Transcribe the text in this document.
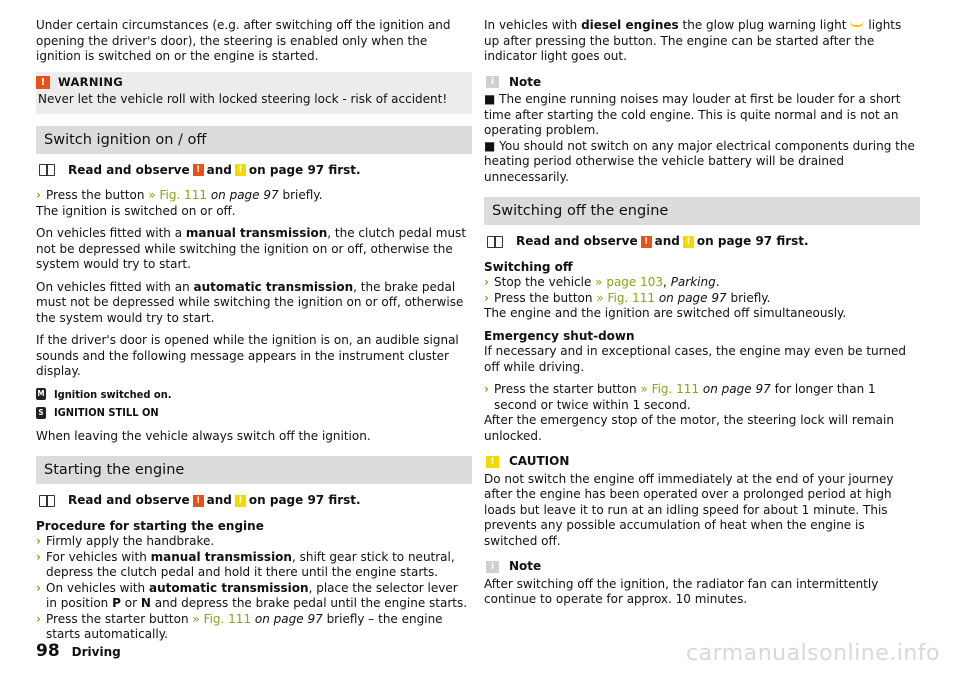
Under certain circumstances (e.g. after switching off the ignition and opening the driver's door), the steering is enabled only when the ignition is switched on or the engine is started.

!	WARNING
Never let the vehicle roll with locked steering lock - risk of accident!
Switch ignition on / off
Read and observe ! and ! on page 97 first.

› Press the button » Fig. 111 on page 97 briefly.

The ignition is switched on or off.

On vehicles fitted with a manual transmission, the clutch pedal must not be depressed while switching the ignition on or off, otherwise the system would try to start.

On vehicles fitted with an automatic transmission, the brake pedal must not be depressed while switching the ignition on or off, otherwise the system would try to start.

If the driver's door is opened while the ignition is on, an audible signal sounds and the following message appears in the instrument cluster display.

M Ignition switched on.
S IGNITION STILL ON

When leaving the vehicle always switch off the ignition.

Starting the engine
Read and observe ! and ! on page 97 first.
Procedure for starting the engine
› Firmly apply the handbrake.
› For vehicles with manual transmission, shift gear stick to neutral, depress the clutch pedal and hold it there until the engine starts.
› On vehicles with automatic transmission, place the selector lever in position P or N and depress the brake pedal until the engine starts.
› Press the starter button » Fig. 111 on page 97 briefly – the engine starts automatically.

In vehicles with diesel engines the glow plug warning light lights up after pressing the button. The engine can be started after the indicator light goes out.

i	Note
■ The engine running noises may louder at first be louder for a short time after starting the cold engine. This is quite normal and is not an operating problem.
■ You should not switch on any major electrical components during the heating period otherwise the vehicle battery will be drained unnecessarily.
Switching off the engine
Read and observe ! and ! on page 97 first.
Switching off
› Stop the vehicle » page 103, Parking.

› Press the button » Fig. 111 on page 97 briefly.

The engine and the ignition are switched off simultaneously.

Emergency shut-down

If necessary and in exceptional cases, the engine may even be turned off while driving.

› Press the starter button » Fig. 111 on page 97 for longer than 1 second or twice within 1 second.

After the emergency stop of the motor, the steering lock will remain unlocked.

!	CAUTION

Do not switch the engine off immediately at the end of your journey after the engine has been operated over a prolonged period at high loads but leave it to run at an idling speed for about 1 minute. This prevents any possible accumulation of heat when the engine is switched off.

i	Note

After switching off the ignition, the radiator fan can intermittently continue to operate for approx. 10 minutes.

98 Driving	carmanualsonline.info
